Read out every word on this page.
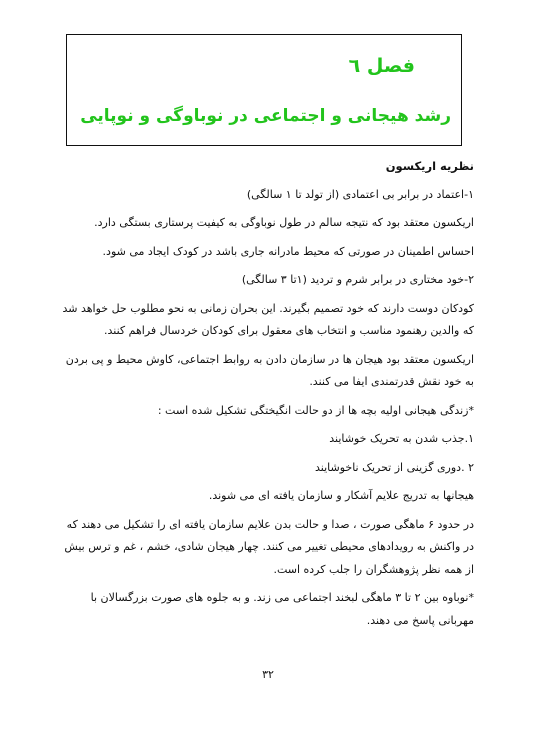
فصل ٦
رشد هیجانی و اجتماعی در نوباوگی و نوپایی

نظریه اریکسون

١-اعتماد در برابر بی اعتمادی (از تولد تا ١ سالگی)

اریکسون معتقد بود که نتیجه سالم در طول نوباوگی به کیفیت پرستاری بستگی دارد.

احساس اطمینان در صورتی که محیط مادرانه جاری باشد در کودک ایجاد می شود.

٢-خود مختاری در برابر شرم و تردید (١تا ٣ سالگی)

کودکان دوست دارند که خود تصمیم بگیرند. این بحران زمانی به نحو مطلوب حل خواهد شد که والدین رهنمود مناسب و انتخاب های معقول برای کودکان خردسال فراهم کنند.

اریکسون معتقد بود هیجان ها در سازمان دادن به روابط اجتماعی، کاوش محیط و پی بردن به خود نقش قدرتمندی ایفا می کنند.

*زندگی هیجانی اولیه بچه ها از دو حالت انگیختگی تشکیل شده است :

١.جذب شدن به تحریک خوشایند

٢ .دوری گزینی از تحریک ناخوشایند

هیجانها به تدریج علایم آشکار و سازمان یافته ای می شوند.

در حدود ۶ ماهگی صورت ، صدا و حالت بدن علایم سازمان یافته ای را تشکیل می دهند که در واکنش به رویدادهای محیطی تغییر می کنند. چهار هیجان شادی، خشم ، غم و ترس بیش از همه نظر پژوهشگران را جلب کرده است.

*نوباوه بین ٢ تا ٣ ماهگی لبخند اجتماعی می زند. و به جلوه های صورت بزرگسالان با مهربانی پاسخ می دهند.

٣٢
